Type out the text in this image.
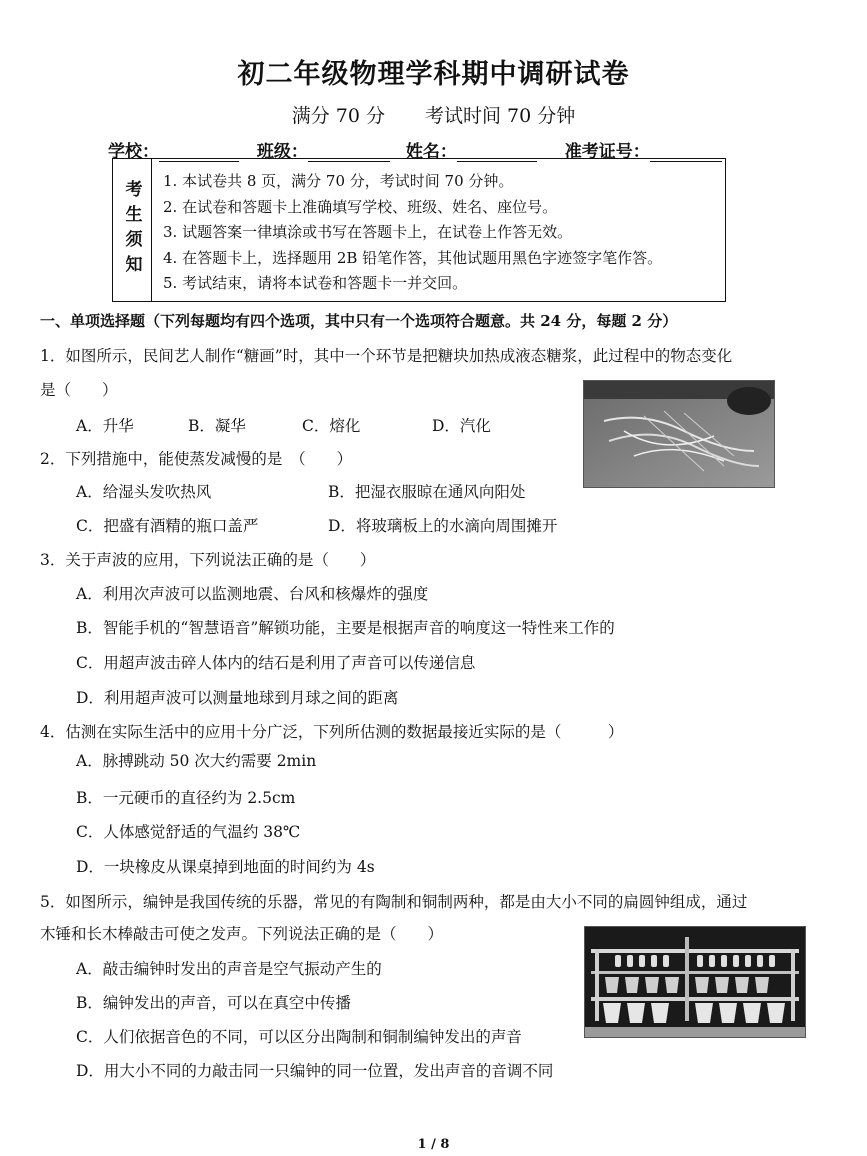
初二年级物理学科期中调研试卷
满分 70 分 考试时间 70 分钟
学校：	班级：	姓名：	准考证号：
考生须知 1. 本试卷共 8 页，满分 70 分，考试时间 70 分钟。
2. 在试卷和答题卡上准确填写学校、班级、姓名、座位号。
3. 试题答案一律填涂或书写在答题卡上，在试卷上作答无效。
4. 在答题卡上，选择题用 2B 铅笔作答，其他试题用黑色字迹签字笔作答。
5. 考试结束，请将本试卷和答题卡一并交回。
一、单项选择题（下列每题均有四个选项，其中只有一个选项符合题意。共 24 分，每题 2 分）
1．如图所示，民间艺人制作“糖画”时，其中一个环节是把糖块加热成液态糖浆，此过程中的物态变化
是（　　）
A．升华	B．凝华	C．熔化	D．汽化
2．下列措施中，能使蒸发减慢的是　（　　）
A．给湿头发吹热风	B．把湿衣服晾在通风向阳处
C．把盛有酒精的瓶口盖严	D．将玻璃板上的水滴向周围摊开
3．关于声波的应用，下列说法正确的是（　　）
A．利用次声波可以监测地震、台风和核爆炸的强度
B．智能手机的“智慧语音”解锁功能，主要是根据声音的响度这一特性来工作的
C．用超声波击碎人体内的结石是利用了声音可以传递信息
D．利用超声波可以测量地球到月球之间的距离
4．估测在实际生活中的应用十分广泛，下列所估测的数据最接近实际的是（　　　）
A．脉搏跳动 50 次大约需要 2min
B．一元硬币的直径约为 2.5cm
C．人体感觉舒适的气温约 38℃
D．一块橡皮从课桌掉到地面的时间约为 4s
5．如图所示，编钟是我国传统的乐器，常见的有陶制和铜制两种，都是由大小不同的扁圆钟组成，通过
木锤和长木棒敲击可使之发声。下列说法正确的是（　　）
A．敲击编钟时发出的声音是空气振动产生的
B．编钟发出的声音，可以在真空中传播
C．人们依据音色的不同，可以区分出陶制和铜制编钟发出的声音
D．用大小不同的力敲击同一只编钟的同一位置，发出声音的音调不同
1 / 8
